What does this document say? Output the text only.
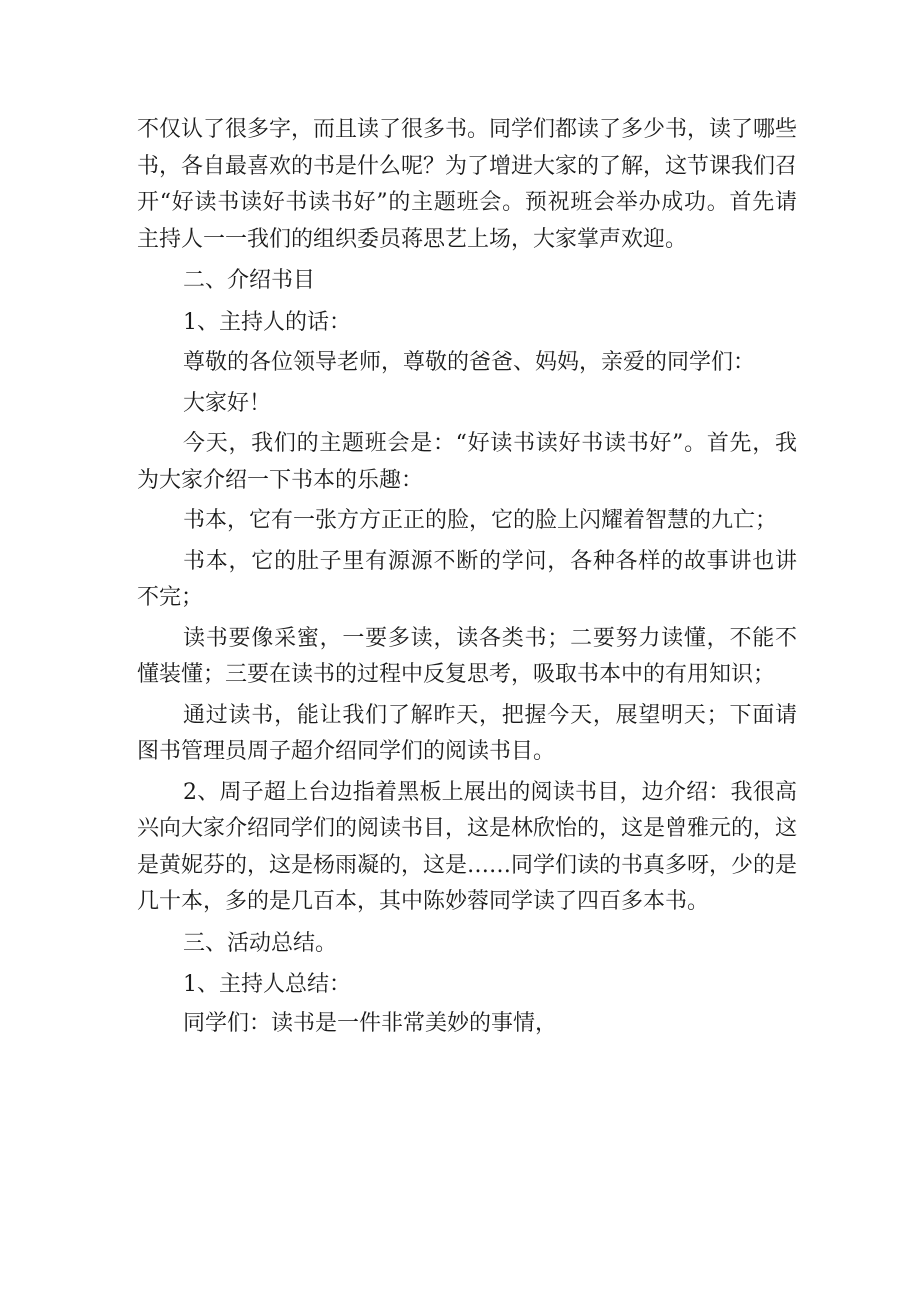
不仅认了很多字，而且读了很多书。同学们都读了多少书，读了哪些书，各自最喜欢的书是什么呢？为了增进大家的了解，这节课我们召开“好读书读好书读书好”的主题班会。预祝班会举办成功。首先请主持人一一我们的组织委员蒋思艺上场，大家掌声欢迎。

二、介绍书目

1、主持人的话：

尊敬的各位领导老师，尊敬的爸爸、妈妈，亲爱的同学们：

大家好！

今天，我们的主题班会是：“好读书读好书读书好”。首先，我为大家介绍一下书本的乐趣：

书本，它有一张方方正正的脸，它的脸上闪耀着智慧的九亡；

书本，它的肚子里有源源不断的学问，各种各样的故事讲也讲不完；

读书要像采蜜，一要多读，读各类书；二要努力读懂，不能不懂装懂；三要在读书的过程中反复思考，吸取书本中的有用知识；

通过读书，能让我们了解昨天，把握今天，展望明天；下面请图书管理员周子超介绍同学们的阅读书目。

2、周子超上台边指着黑板上展出的阅读书目，边介绍：我很高兴向大家介绍同学们的阅读书目，这是林欣怡的，这是曾雅元的，这是黄妮芬的，这是杨雨凝的，这是……同学们读的书真多呀，少的是几十本，多的是几百本，其中陈妙蓉同学读了四百多本书。

三、活动总结。

1、主持人总结：

同学们：读书是一件非常美妙的事情，
